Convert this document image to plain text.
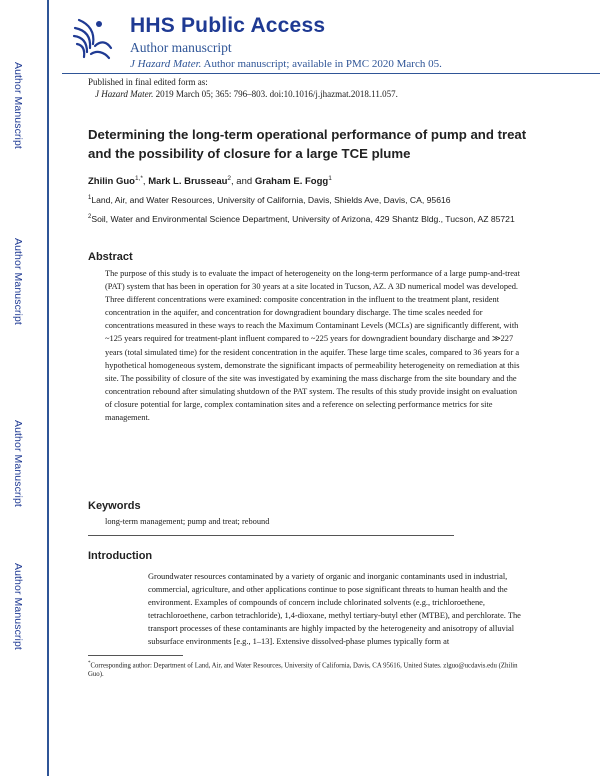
Author Manuscript
Author Manuscript
Author Manuscript
Author Manuscript
HHS Public Access
Author manuscript
J Hazard Mater. Author manuscript; available in PMC 2020 March 05.
Published in final edited form as:
J Hazard Mater. 2019 March 05; 365: 796–803. doi:10.1016/j.jhazmat.2018.11.057.
Determining the long-term operational performance of pump and treat and the possibility of closure for a large TCE plume
Zhilin Guo$^{1,*}$, Mark L. Brusseau$^2$, and Graham E. Fogg$^1$
$^1$Land, Air, and Water Resources, University of California, Davis, Shields Ave, Davis, CA, 95616
$^2$Soil, Water and Environmental Science Department, University of Arizona, 429 Shantz Bldg., Tucson, AZ 85721
Abstract
The purpose of this study is to evaluate the impact of heterogeneity on the long-term performance of a large pump-and-treat (PAT) system that has been in operation for 30 years at a site located in Tucson, AZ. A 3D numerical model was developed. Three different concentrations were examined: composite concentration in the influent to the treatment plant, resident concentration in the aquifer, and concentration for downgradient boundary discharge. The time scales needed for concentrations measured in these ways to reach the Maximum Contaminant Levels (MCLs) are significantly different, with ~125 years required for treatment-plant influent compared to ~225 years for downgradient boundary discharge and ≫227 years (total simulated time) for the resident concentration in the aquifer. These large time scales, compared to 36 years for a hypothetical homogeneous system, demonstrate the significant impacts of permeability heterogeneity on remediation at this site. The possibility of closure of the site was investigated by examining the mass discharge from the site boundary and the concentration rebound after simulating shutdown of the PAT system. The results of this study provide insight on evaluation of closure potential for large, complex contamination sites and a reference on selecting performance metrics for site management.
Keywords
long-term management; pump and treat; rebound
Introduction
Groundwater resources contaminated by a variety of organic and inorganic contaminants used in industrial, commercial, agriculture, and other applications continue to pose significant threats to human health and the environment. Examples of compounds of concern include chlorinated solvents (e.g., trichloroethene, tetrachloroethene, carbon tetrachloride), 1,4-dioxane, methyl tertiary-butyl ether (MTBE), and perchlorate. The transport processes of these contaminants are highly impacted by the heterogeneity and anisotropy of alluvial subsurface environments [e.g., 1–13]. Extensive dissolved-phase plumes typically form at
*Corresponding author: Department of Land, Air, and Water Resources, University of California, Davis, CA 95616, United States. zlguo@ucdavis.edu (Zhilin Guo).
